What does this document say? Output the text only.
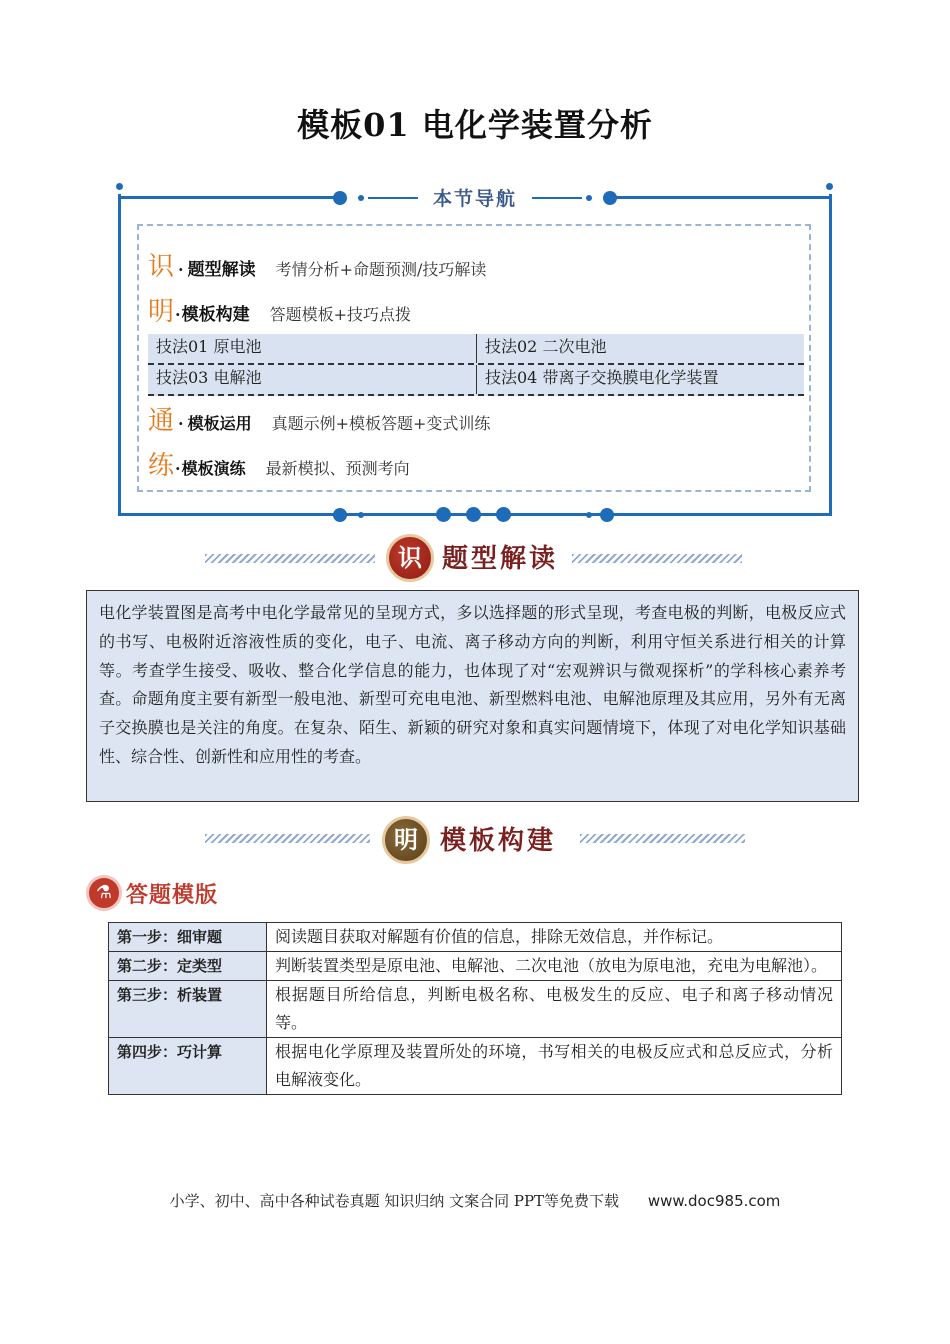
模板01 电化学装置分析
本节导航
识 · 题型解读 考情分析+命题预测/技巧解读
明 · 模板构建 答题模板+技巧点拨
技法01 原电池	技法02 二次电池
技法03 电解池	技法04 带离子交换膜电化学装置
通 · 模板运用 真题示例+模板答题+变式训练
练 · 模板演练 最新模拟、预测考向
识 题型解读
电化学装置图是高考中电化学最常见的呈现方式，多以选择题的形式呈现，考查电极的判断，电极反应式的书写、电极附近溶液性质的变化，电子、电流、离子移动方向的判断，利用守恒关系进行相关的计算等。考查学生接受、吸收、整合化学信息的能力，也体现了对“宏观辨识与微观探析”的学科核心素养考查。命题角度主要有新型一般电池、新型可充电电池、新型燃料电池、电解池原理及其应用，另外有无离子交换膜也是关注的角度。在复杂、陌生、新颖的研究对象和真实问题情境下，体现了对电化学知识基础性、综合性、创新性和应用性的考查。
明 模板构建
⚗ 答题模版
第一步：细审题	阅读题目获取对解题有价值的信息，排除无效信息，并作标记。
第二步：定类型	判断装置类型是原电池、电解池、二次电池（放电为原电池，充电为电解池）。
第三步：析装置	根据题目所给信息，判断电极名称、电极发生的反应、电子和离子移动情况等。
第四步：巧计算	根据电化学原理及装置所处的环境，书写相关的电极反应式和总反应式，分析电解液变化。
小学、初中、高中各种试卷真题 知识归纳 文案合同 PPT等免费下载 www.doc985.com
